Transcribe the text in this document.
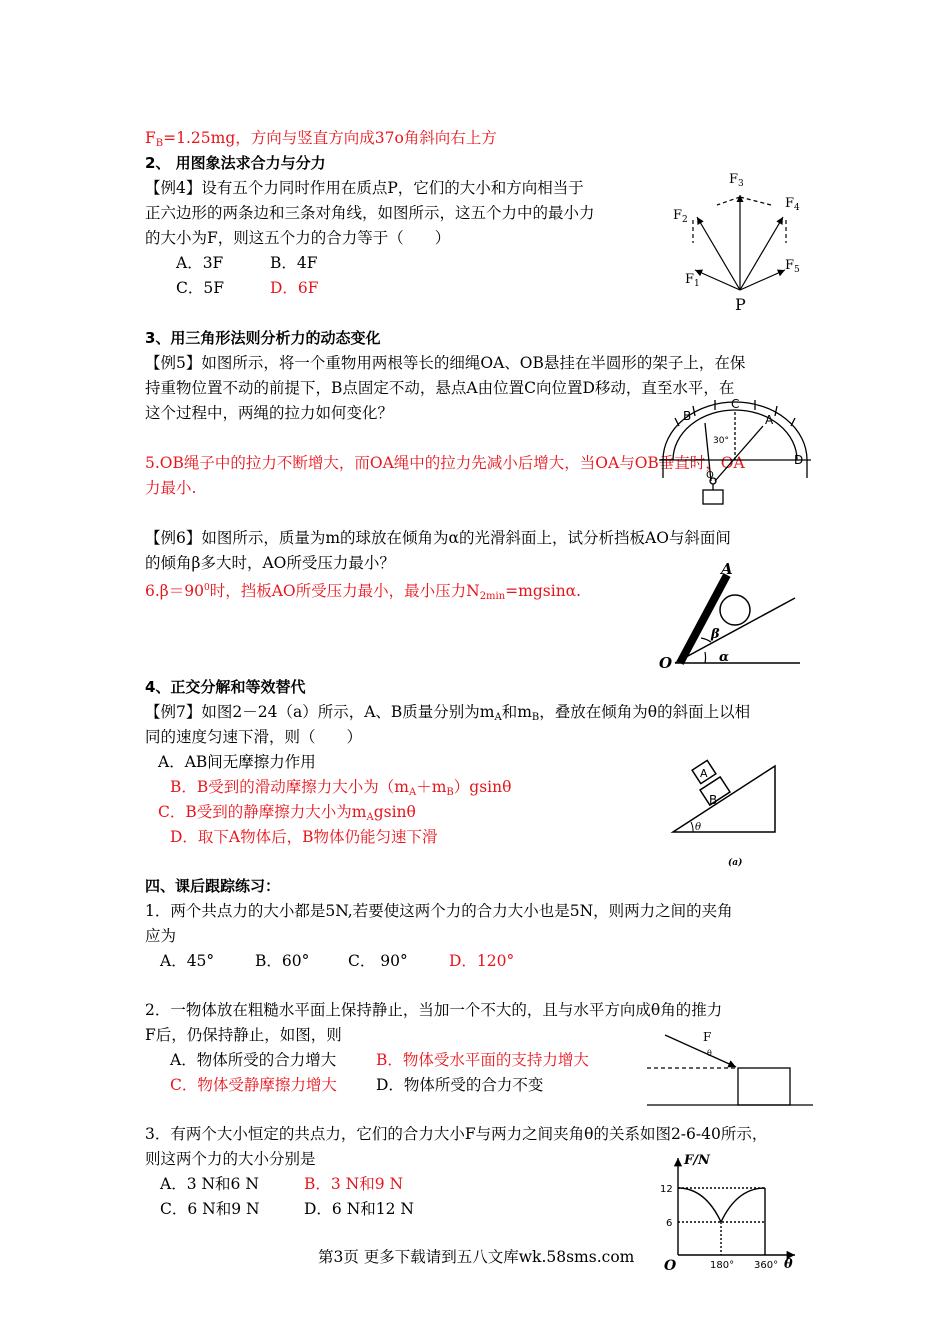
$F_B=1.25mg$，方向与竖直方向成37o角斜向右上方
2、 用图象法求合力与分力
【例4】设有五个力同时作用在质点P，它们的大小和方向相当于
正六边形的两条边和三条对角线，如图所示，这五个力中的最小力
的大小为F，则这五个力的合力等于（　　）
A．3F	B．4F
C．5F	D．6F
$F_3$
$F_4$
$F_2$
$F_5$
$F_1$
P
3、用三角形法则分析力的动态变化
【例5】如图所示，将一个重物用两根等长的细绳OA、OB悬挂在半圆形的架子上，在保
持重物位置不动的前提下，B点固定不动，悬点A由位置C向位置D移动，直至水平，在
这个过程中，两绳的拉力如何变化？
5.OB绳子中的拉力不断增大，而OA绳中的拉力先减小后增大，当OA与OB垂直时，OA
力最小.
B
C
A
D
30°
O
【例6】如图所示，质量为m的球放在倾角为α的光滑斜面上，试分析挡板AO与斜面间
的倾角β多大时，AO所受压力最小？
$6.\beta=90^0$时，挡板AO所受压力最小，最小压力$N_{2min}=mgsin\alpha$.
A
O
β
α
4、正交分解和等效替代
【例7】如图2－24（a）所示，A、B质量分别为$m_A$和$m_B$，叠放在倾角为θ的斜面上以相
同的速度匀速下滑，则（　　）
A．AB间无摩擦力作用
B．B受到的滑动摩擦力大小为$(m_A+m_B)gsin\theta$
C．B受到的静摩擦力大小为$m_Agsin\theta$
D．取下A物体后，B物体仍能匀速下滑
B
A
θ
(a)
四、课后跟踪练习：
1．两个共点力的大小都是5N,若要使这两个力的合力大小也是5N，则两力之间的夹角
应为
A．45°	B．60° C． 90°	D．120°
2．一物体放在粗糙水平面上保持静止，当加一个不大的，且与水平方向成θ角的推力
F后，仍保持静止，如图，则
A．物体所受的合力增大	B．物体受水平面的支持力增大
C．物体受静摩擦力增大	D．物体所受的合力不变
F
θ
3．有两个大小恒定的共点力，它们的合力大小F与两力之间夹角θ的关系如图2-6-40所示，
则这两个力的大小分别是
A．3 N和6 N	B．3 N和9 N
C．6 N和9 N	D．6 N和12 N
F/N
12
6
O	180° 360° θ
第3页 更多下载请到五八文库wk.58sms.com
